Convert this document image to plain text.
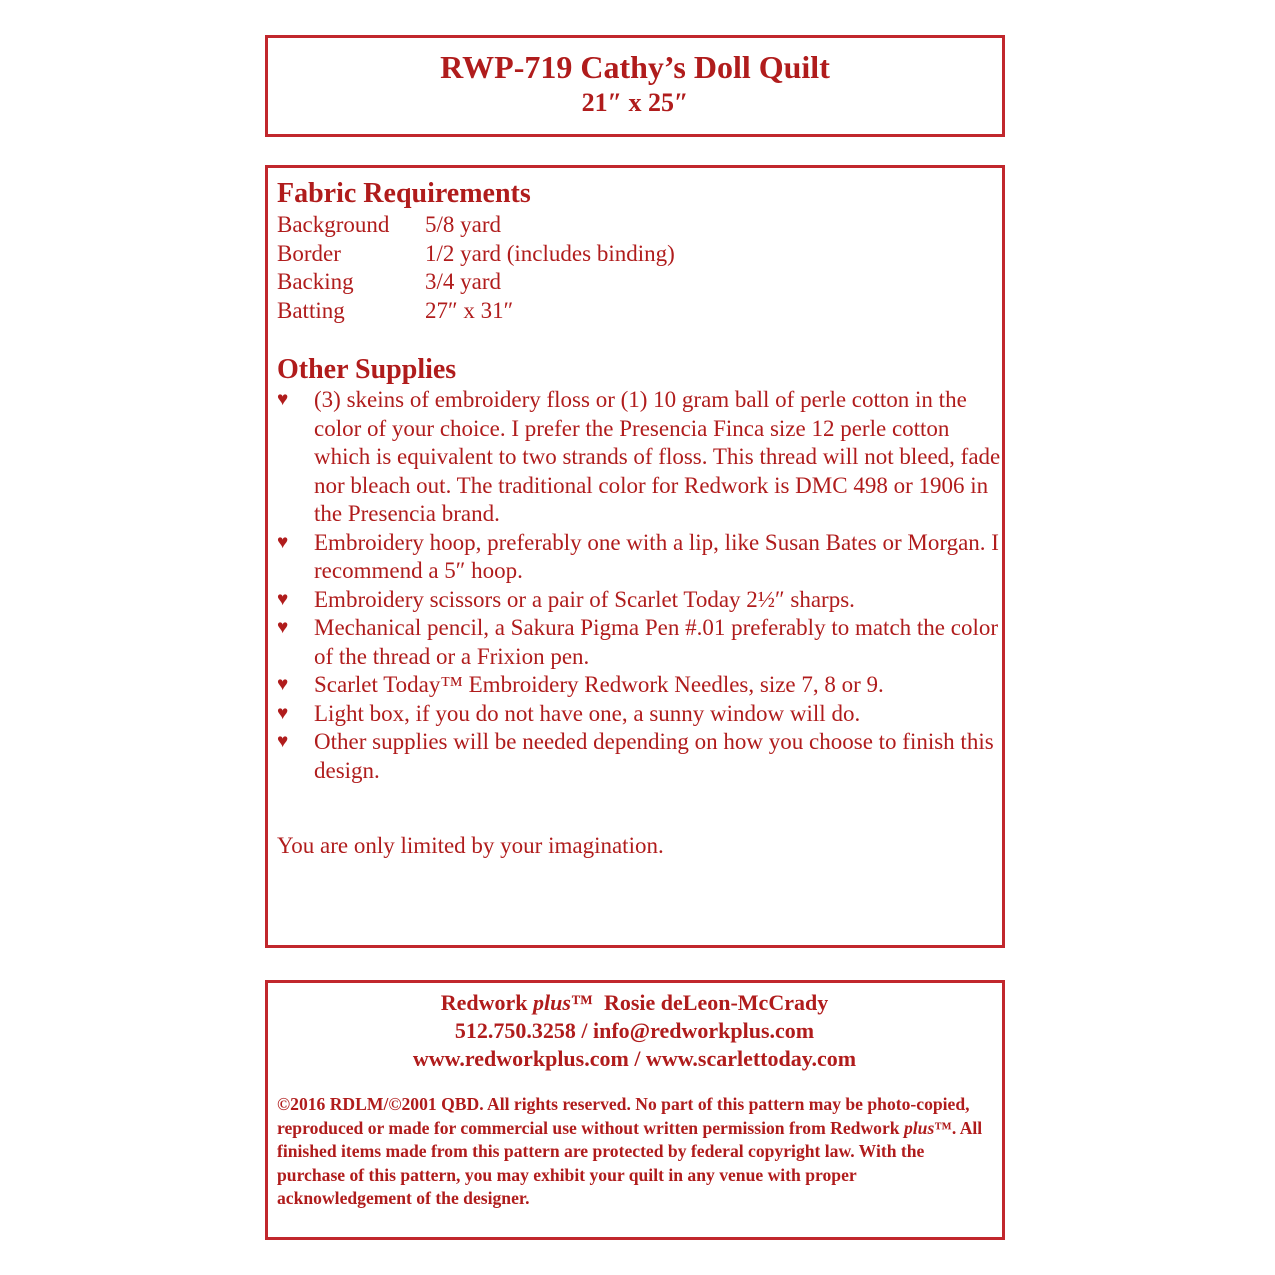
RWP-719 Cathy’s Doll Quilt
21″ x 25″
Fabric Requirements
Background	5/8 yard
Border	1/2 yard (includes binding)
Backing	3/4 yard
Batting	27″ x 31″
Other Supplies
♥ (3) skeins of embroidery floss or (1) 10 gram ball of perle cotton in the color of your choice. I prefer the Presencia Finca size 12 perle cotton which is equivalent to two strands of floss. This thread will not bleed, fade nor bleach out. The traditional color for Redwork is DMC 498 or 1906 in the Presencia brand.
♥ Embroidery hoop, preferably one with a lip, like Susan Bates or Morgan. I recommend a 5″ hoop.
♥ Embroidery scissors or a pair of Scarlet Today 2½″ sharps.
♥ Mechanical pencil, a Sakura Pigma Pen #.01 preferably to match the color of the thread or a Frixion pen.
♥ Scarlet Today™ Embroidery Redwork Needles, size 7, 8 or 9.
♥ Light box, if you do not have one, a sunny window will do.
♥ Other supplies will be needed depending on how you choose to finish this design.
You are only limited by your imagination.
Redwork plus™ Rosie deLeon-McCrady
512.750.3258 / info@redworkplus.com
www.redworkplus.com / www.scarlettoday.com
©2016 RDLM/©2001 QBD. All rights reserved. No part of this pattern may be photo-copied, reproduced or made for commercial use without written permission from Redwork plus™. All finished items made from this pattern are protected by federal copyright law. With the purchase of this pattern, you may exhibit your quilt in any venue with proper acknowledgement of the designer.
